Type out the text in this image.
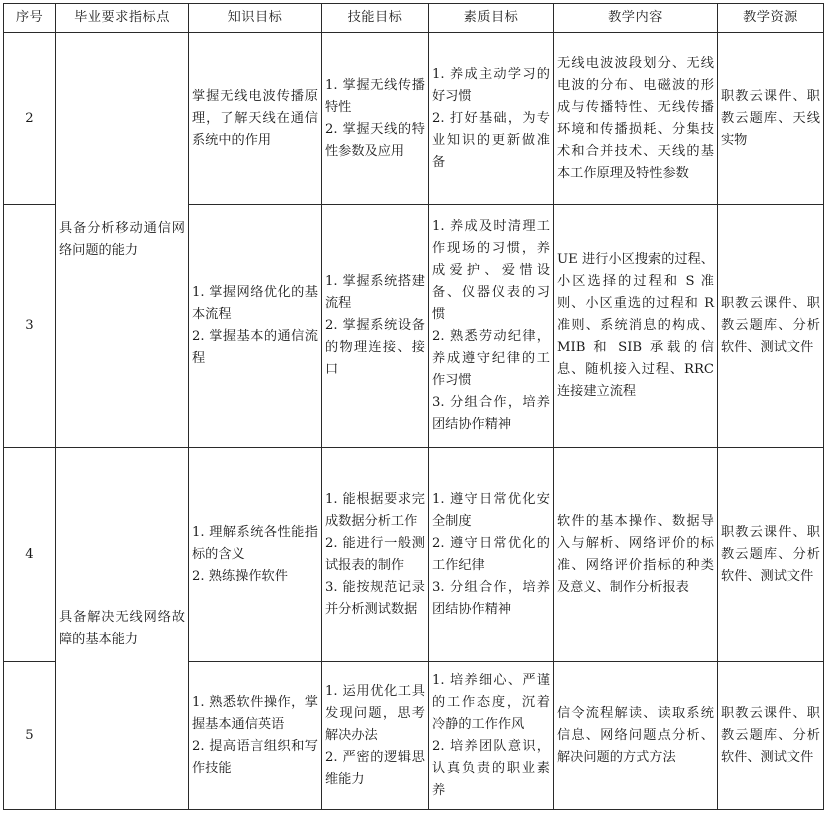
序号	毕业要求指标点	知识目标	技能目标	素质目标	教学内容	教学资源
2	具备分析移动通信网络问题的能力	掌握无线电波传播原理，了解天线在通信系统中的作用	1. 掌握无线传播特性
2. 掌握天线的特性参数及应用	1. 养成主动学习的好习惯
2. 打好基础，为专业知识的更新做准备	无线电波波段划分、无线电波的分布、电磁波的形成与传播特性、无线传播环境和传播损耗、分集技术和合并技术、天线的基本工作原理及特性参数	职教云课件、职教云题库、天线实物

3		1. 掌握网络优化的基本流程
2. 掌握基本的通信流程	1. 掌握系统搭建流程
2. 掌握系统设备的物理连接、接口	1. 养成及时清理工作现场的习惯，养成爱护、爱惜设备、仪器仪表的习惯
2. 熟悉劳动纪律，养成遵守纪律的工作习惯
3. 分组合作，培养团结协作精神	UE 进行小区搜索的过程、小区选择的过程和 S 准则、小区重选的过程和 R 准则、系统消息的构成、MIB 和 SIB 承载的信息、随机接入过程、RRC 连接建立流程	职教云课件、职教云题库、分析软件、测试文件

4	具备解决无线网络故障的基本能力	1. 理解系统各性能指标的含义
2. 熟练操作软件	1. 能根据要求完成数据分析工作
2. 能进行一般测试报表的制作
3. 能按规范记录并分析测试数据	1. 遵守日常优化安全制度
2. 遵守日常优化的工作纪律
3. 分组合作，培养团结协作精神	软件的基本操作、数据导入与解析、网络评价的标准、网络评价指标的种类及意义、制作分析报表	职教云课件、职教云题库、分析软件、测试文件

5		1. 熟悉软件操作，掌握基本通信英语
2. 提高语言组织和写作技能	1. 运用优化工具发现问题，思考解决办法
2. 严密的逻辑思维能力	1. 培养细心、严谨的工作态度，沉着冷静的工作作风
2. 培养团队意识，认真负责的职业素养	信令流程解读、读取系统信息、网络问题点分析、解决问题的方式方法	职教云课件、职教云题库、分析软件、测试文件
